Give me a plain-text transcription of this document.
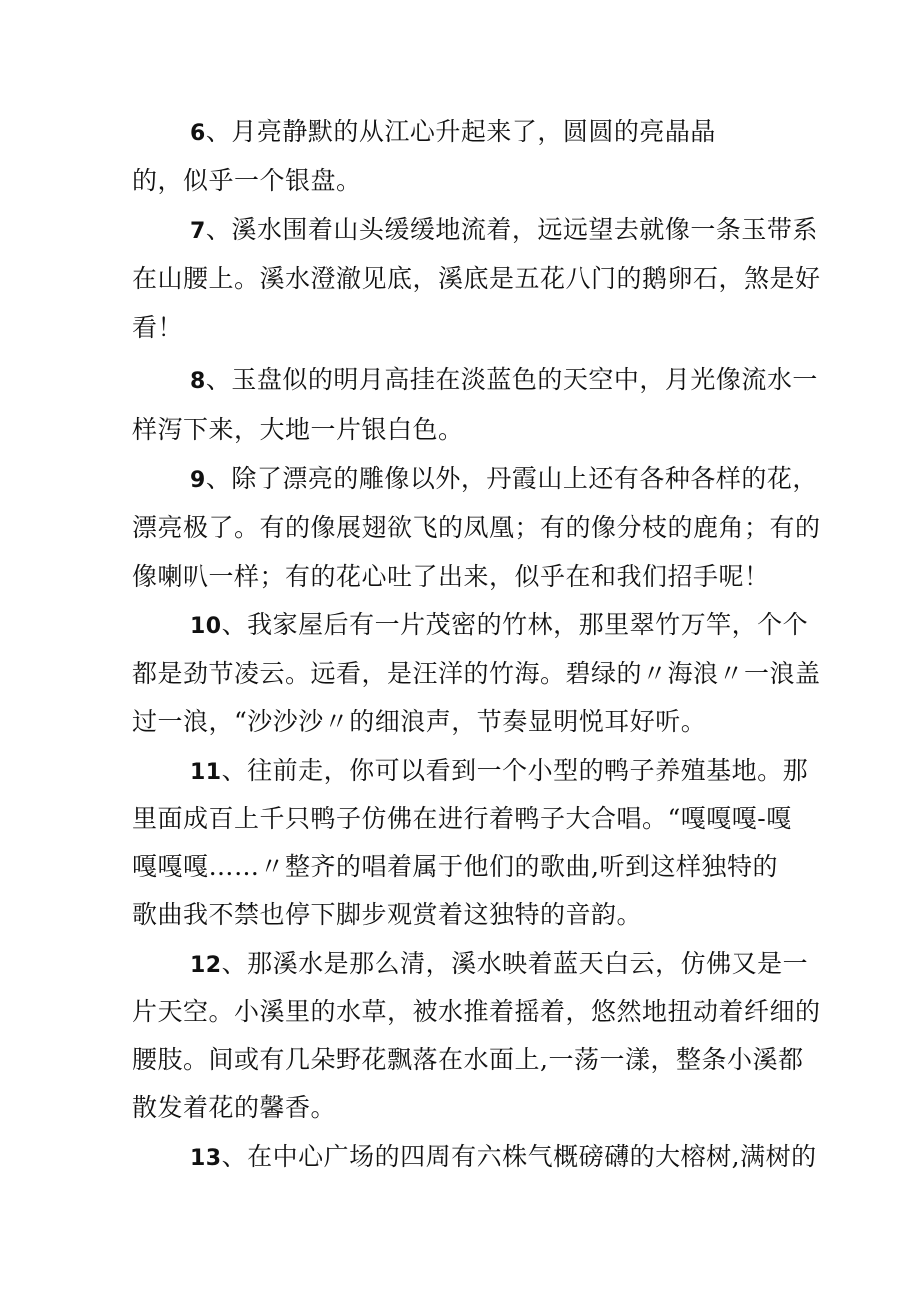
6、月亮静默的从江心升起来了，圆圆的亮晶晶
的，似乎一个银盘。
7、溪水围着山头缓缓地流着，远远望去就像一条玉带系
在山腰上。溪水澄澈见底，溪底是五花八门的鹅卵石，煞是好
看！
8、玉盘似的明月高挂在淡蓝色的天空中，月光像流水一
样泻下来，大地一片银白色。
9、除了漂亮的雕像以外，丹霞山上还有各种各样的花，
漂亮极了。有的像展翅欲飞的凤凰；有的像分枝的鹿角；有的
像喇叭一样；有的花心吐了出来，似乎在和我们招手呢！
10、我家屋后有一片茂密的竹林，那里翠竹万竿，个个
都是劲节凌云。远看，是汪洋的竹海。碧绿的〃海浪〃一浪盖
过一浪，“沙沙沙〃的细浪声，节奏显明悦耳好听。
11、往前走，你可以看到一个小型的鸭子养殖基地。那
里面成百上千只鸭子仿佛在进行着鸭子大合唱。“嘎嘎嘎-嘎
嘎嘎嘎……〃整齐的唱着属于他们的歌曲,听到这样独特的
歌曲我不禁也停下脚步观赏着这独特的音韵。
12、那溪水是那么清，溪水映着蓝天白云，仿佛又是一
片天空。小溪里的水草，被水推着摇着，悠然地扭动着纤细的
腰肢。间或有几朵野花飘落在水面上,一荡一漾，整条小溪都
散发着花的馨香。
13、在中心广场的四周有六株气概磅礴的大榕树,满树的
